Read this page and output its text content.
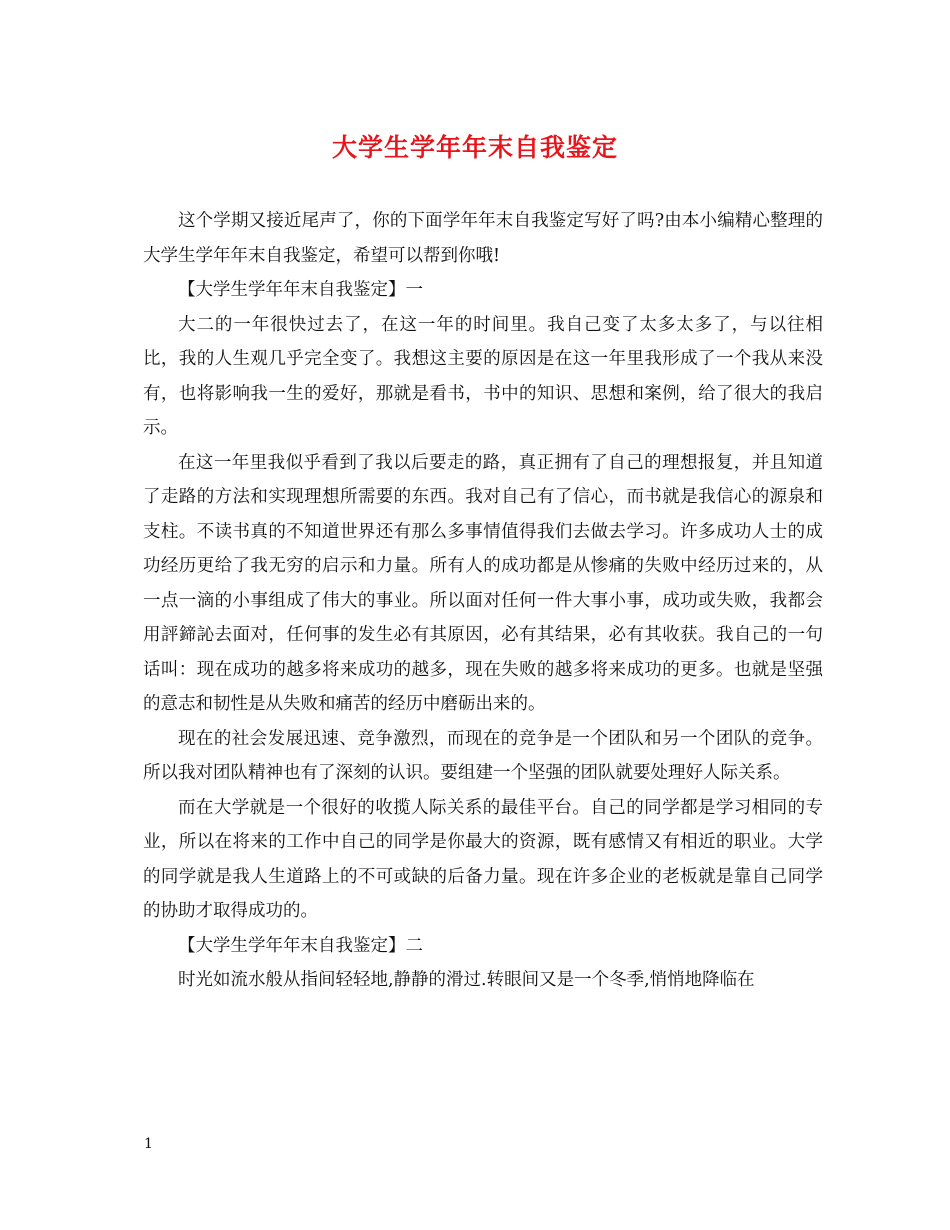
大学生学年年末自我鉴定

这个学期又接近尾声了，你的下面学年年末自我鉴定写好了吗?由本小编精心整理的大学生学年年末自我鉴定，希望可以帮到你哦!

【大学生学年年末自我鉴定】一

大二的一年很快过去了，在这一年的时间里。我自己变了太多太多了，与以往相比，我的人生观几乎完全变了。我想这主要的原因是在这一年里我形成了一个我从来没有，也将影响我一生的爱好，那就是看书，书中的知识、思想和案例，给了很大的我启示。

在这一年里我似乎看到了我以后要走的路，真正拥有了自己的理想报复，并且知道了走路的方法和实现理想所需要的东西。我对自己有了信心，而书就是我信心的源泉和支柱。不读书真的不知道世界还有那么多事情值得我们去做去学习。许多成功人士的成功经历更给了我无穷的启示和力量。所有人的成功都是从惨痛的失败中经历过来的，从一点一滴的小事组成了伟大的事业。所以面对任何一件大事小事，成功或失败，我都会用評鍗訫去面对，任何事的发生必有其原因，必有其结果，必有其收获。我自己的一句话叫：现在成功的越多将来成功的越多，现在失败的越多将来成功的更多。也就是坚强的意志和韧性是从失败和痛苦的经历中磨砺出来的。

现在的社会发展迅速、竞争激烈，而现在的竞争是一个团队和另一个团队的竞争。所以我对团队精神也有了深刻的认识。要组建一个坚强的团队就要处理好人际关系。

而在大学就是一个很好的收揽人际关系的最佳平台。自己的同学都是学习相同的专业，所以在将来的工作中自己的同学是你最大的资源，既有感情又有相近的职业。大学的同学就是我人生道路上的不可或缺的后备力量。现在许多企业的老板就是靠自己同学的协助才取得成功的。

【大学生学年年末自我鉴定】二

时光如流水般从指间轻轻地,静静的滑过.转眼间又是一个冬季,悄悄地降临在

1
